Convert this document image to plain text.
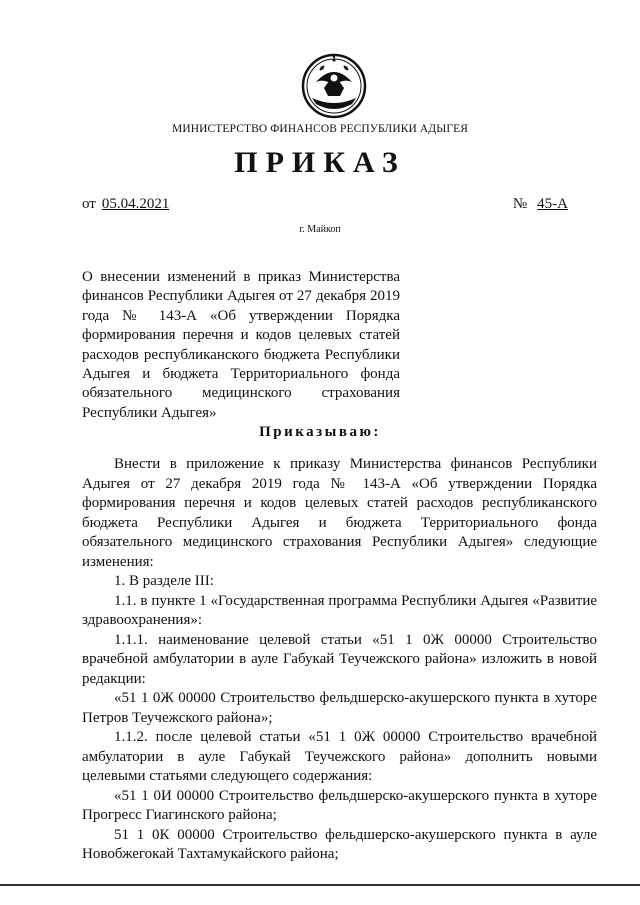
МИНИСТЕРСТВО ФИНАНСОВ РЕСПУБЛИКИ АДЫГЕЯ
ПРИКАЗ
от 05.04.2021	№ 45-А
г. Майкоп
О внесении изменений в приказ Министерства
финансов Республики Адыгея от 27 декабря 2019
года № 143-А «Об утверждении Порядка
формирования перечня и кодов целевых статей
расходов республиканского бюджета Республики
Адыгея и бюджета Территориального фонда
обязательного медицинского страхования
Республики Адыгея»
Приказываю:
Внести в приложение к приказу Министерства финансов Республики
Адыгея от 27 декабря 2019 года № 143-А «Об утверждении Порядка
формирования перечня и кодов целевых статей расходов республиканского
бюджета Республики Адыгея и бюджета Территориального фонда
обязательного медицинского страхования Республики Адыгея» следующие
изменения:
1. В разделе III:
1.1. в пункте 1 «Государственная программа Республики Адыгея «Развитие
здравоохранения»:
1.1.1. наименование целевой статьи «51 1 0Ж 00000 Строительство
врачебной амбулатории в ауле Габукай Теучежского района» изложить в новой
редакции:
«51 1 0Ж 00000 Строительство фельдшерско-акушерского пункта в хуторе
Петров Теучежского района»;
1.1.2. после целевой статьи «51 1 0Ж 00000 Строительство врачебной
амбулатории в ауле Габукай Теучежского района» дополнить новыми
целевыми статьями следующего содержания:
«51 1 0И 00000 Строительство фельдшерско-акушерского пункта в хуторе
Прогресс Гиагинского района;
51 1 0К 00000 Строительство фельдшерско-акушерского пункта в ауле
Новобжегокай Тахтамукайского района;
